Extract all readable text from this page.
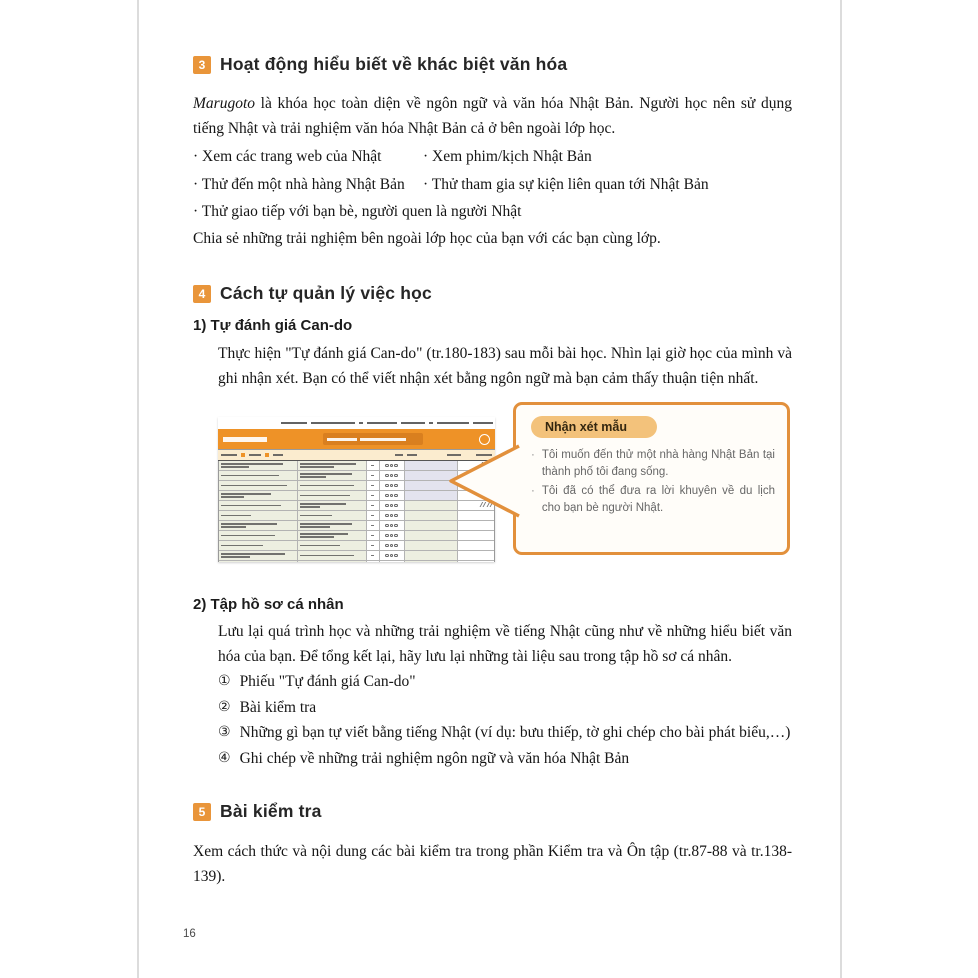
3 Hoạt động hiểu biết về khác biệt văn hóa

Marugoto là khóa học toàn diện về ngôn ngữ và văn hóa Nhật Bản. Người học nên sử dụng tiếng Nhật và trải nghiệm văn hóa Nhật Bản cả ở bên ngoài lớp học.

· Xem các trang web của Nhật	· Xem phim/kịch Nhật Bản
· Thử đến một nhà hàng Nhật Bản	· Thử tham gia sự kiện liên quan tới Nhật Bản
· Thử giao tiếp với bạn bè, người quen là người Nhật

Chia sẻ những trải nghiệm bên ngoài lớp học của bạn với các bạn cùng lớp.

4 Cách tự quản lý việc học
1) Tự đánh giá Can-do

Thực hiện "Tự đánh giá Can-do" (tr.180-183) sau mỗi bài học. Nhìn lại giờ học của mình và ghi nhận xét. Bạn có thể viết nhận xét bằng ngôn ngữ mà bạn cảm thấy thuận tiện nhất.

Nhận xét mẫu
· Tôi muốn đến thử một nhà hàng Nhật Bản tại thành phố tôi đang sống.
· Tôi đã có thể đưa ra lời khuyên về du lịch cho bạn bè người Nhật.
2) Tập hồ sơ cá nhân

Lưu lại quá trình học và những trải nghiệm về tiếng Nhật cũng như về những hiểu biết văn hóa của bạn. Để tổng kết lại, hãy lưu lại những tài liệu sau trong tập hồ sơ cá nhân.

① Phiếu "Tự đánh giá Can-do"
② Bài kiểm tra
③ Những gì bạn tự viết bằng tiếng Nhật (ví dụ: bưu thiếp, tờ ghi chép cho bài phát biểu,…)
④ Ghi chép về những trải nghiệm ngôn ngữ và văn hóa Nhật Bản
5 Bài kiểm tra

Xem cách thức và nội dung các bài kiểm tra trong phần Kiểm tra và Ôn tập (tr.87-88 và tr.138-139).

16
